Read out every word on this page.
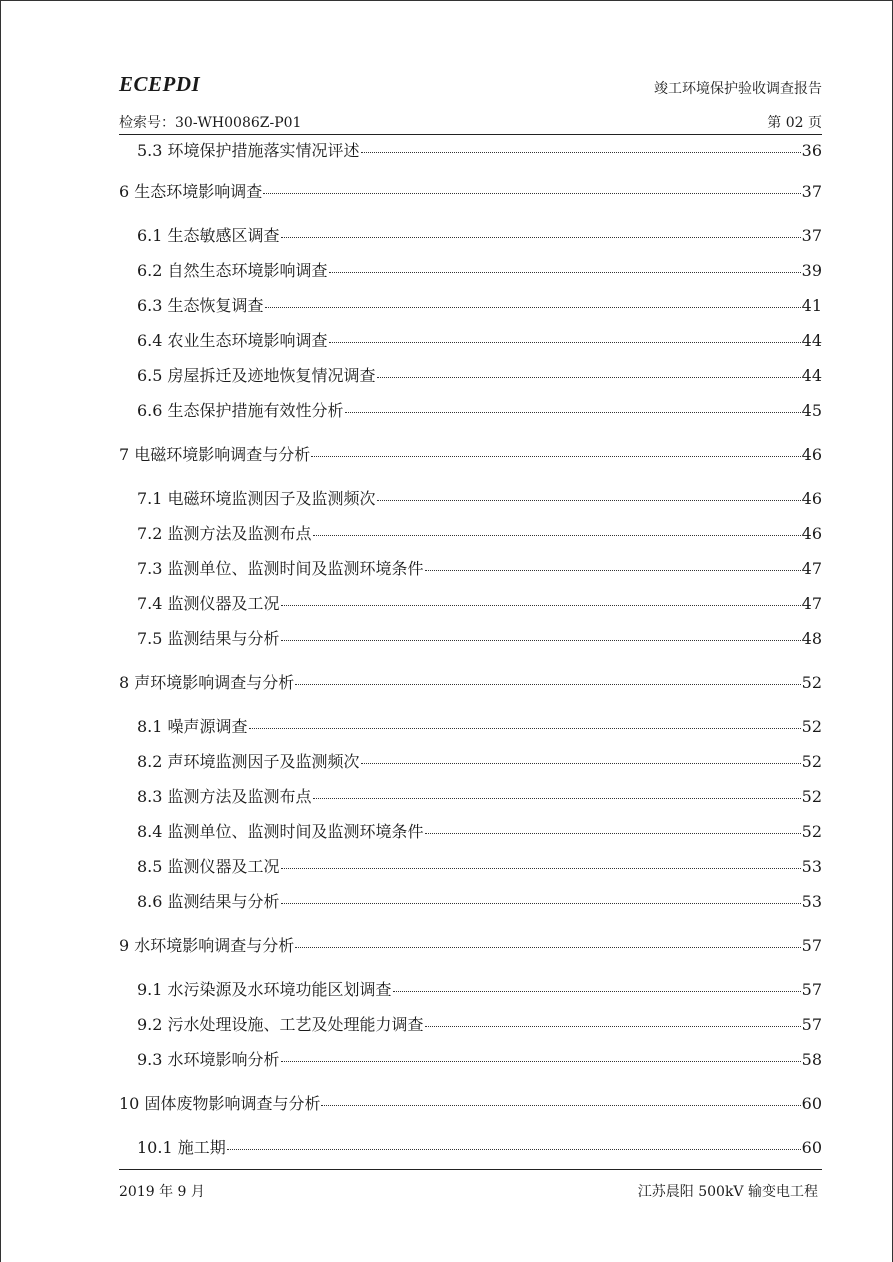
ECEPDI	竣工环境保护验收调查报告
检索号：30-WH0086Z-P01	第 02 页
5.3 环境保护措施落实情况评述	36
6 生态环境影响调查	37
6.1 生态敏感区调查	37
6.2 自然生态环境影响调查	39
6.3 生态恢复调查	41
6.4 农业生态环境影响调查	44
6.5 房屋拆迁及迹地恢复情况调查	44
6.6 生态保护措施有效性分析	45
7 电磁环境影响调查与分析	46
7.1 电磁环境监测因子及监测频次	46
7.2 监测方法及监测布点	46
7.3 监测单位、监测时间及监测环境条件	47
7.4 监测仪器及工况	47
7.5 监测结果与分析	48
8 声环境影响调查与分析	52
8.1 噪声源调查	52
8.2 声环境监测因子及监测频次	52
8.3 监测方法及监测布点	52
8.4 监测单位、监测时间及监测环境条件	52
8.5 监测仪器及工况	53
8.6 监测结果与分析	53
9 水环境影响调查与分析	57
9.1 水污染源及水环境功能区划调查	57
9.2 污水处理设施、工艺及处理能力调查	57
9.3 水环境影响分析	58
10 固体废物影响调查与分析	60
10.1 施工期	60
2019 年 9 月	江苏晨阳 500kV 输变电工程
